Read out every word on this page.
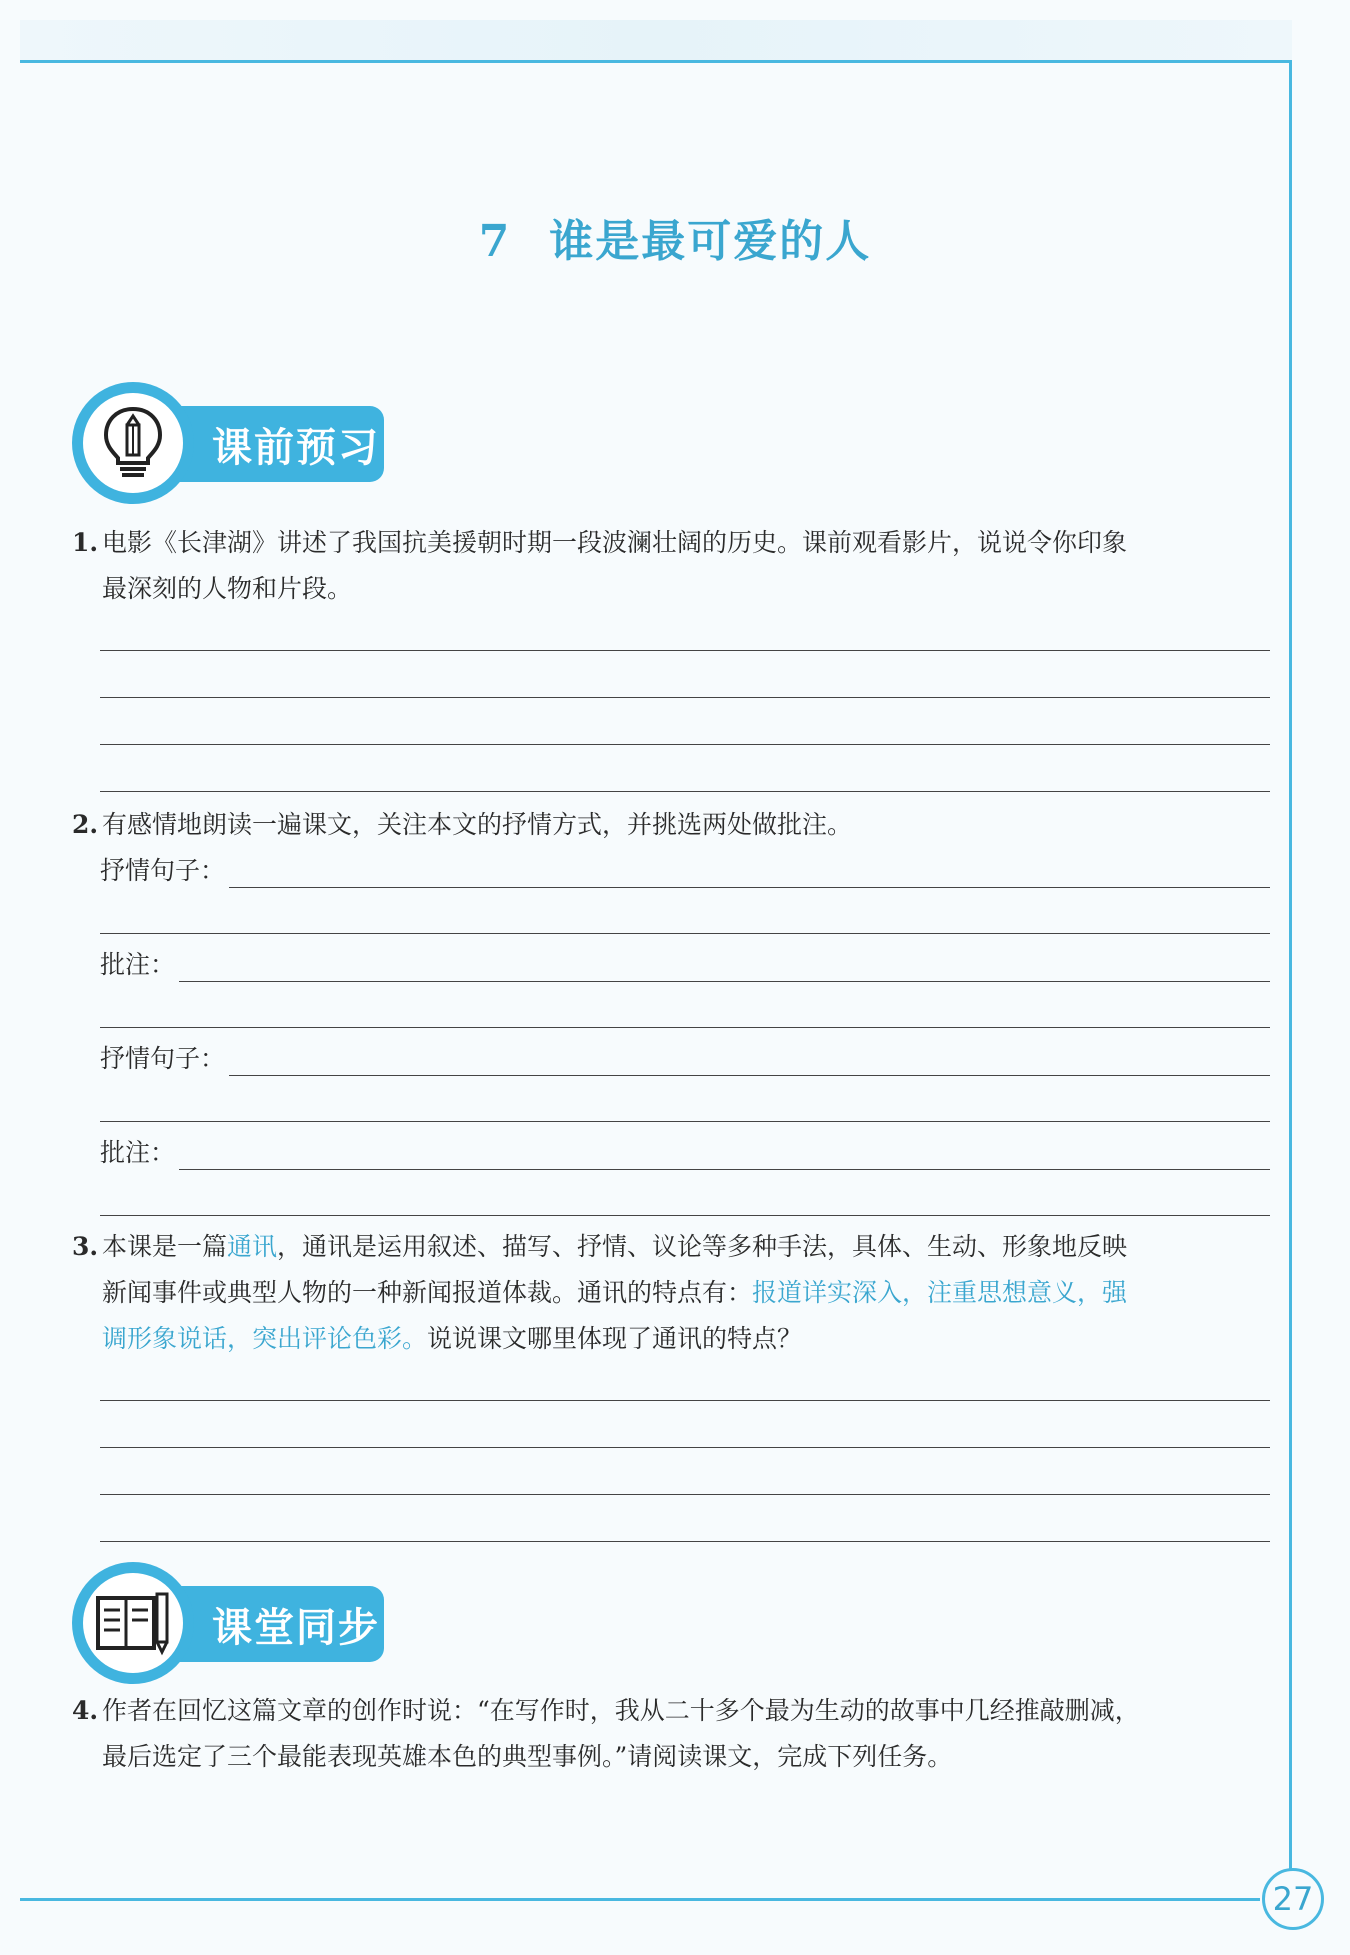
27
7 谁是最可爱的人
课前预习
1. 电影《长津湖》讲述了我国抗美援朝时期一段波澜壮阔的历史。课前观看影片，说说令你印象
最深刻的人物和片段。
2. 有感情地朗读一遍课文，关注本文的抒情方式，并挑选两处做批注。
抒情句子：
批注：
抒情句子：
批注：
3. 本课是一篇通讯，通讯是运用叙述、描写、抒情、议论等多种手法，具体、生动、形象地反映
新闻事件或典型人物的一种新闻报道体裁。通讯的特点有：报道详实深入，注重思想意义，强
调形象说话，突出评论色彩。说说课文哪里体现了通讯的特点？
课堂同步
4. 作者在回忆这篇文章的创作时说：“在写作时，我从二十多个最为生动的故事中几经推敲删减，
最后选定了三个最能表现英雄本色的典型事例。”请阅读课文，完成下列任务。
